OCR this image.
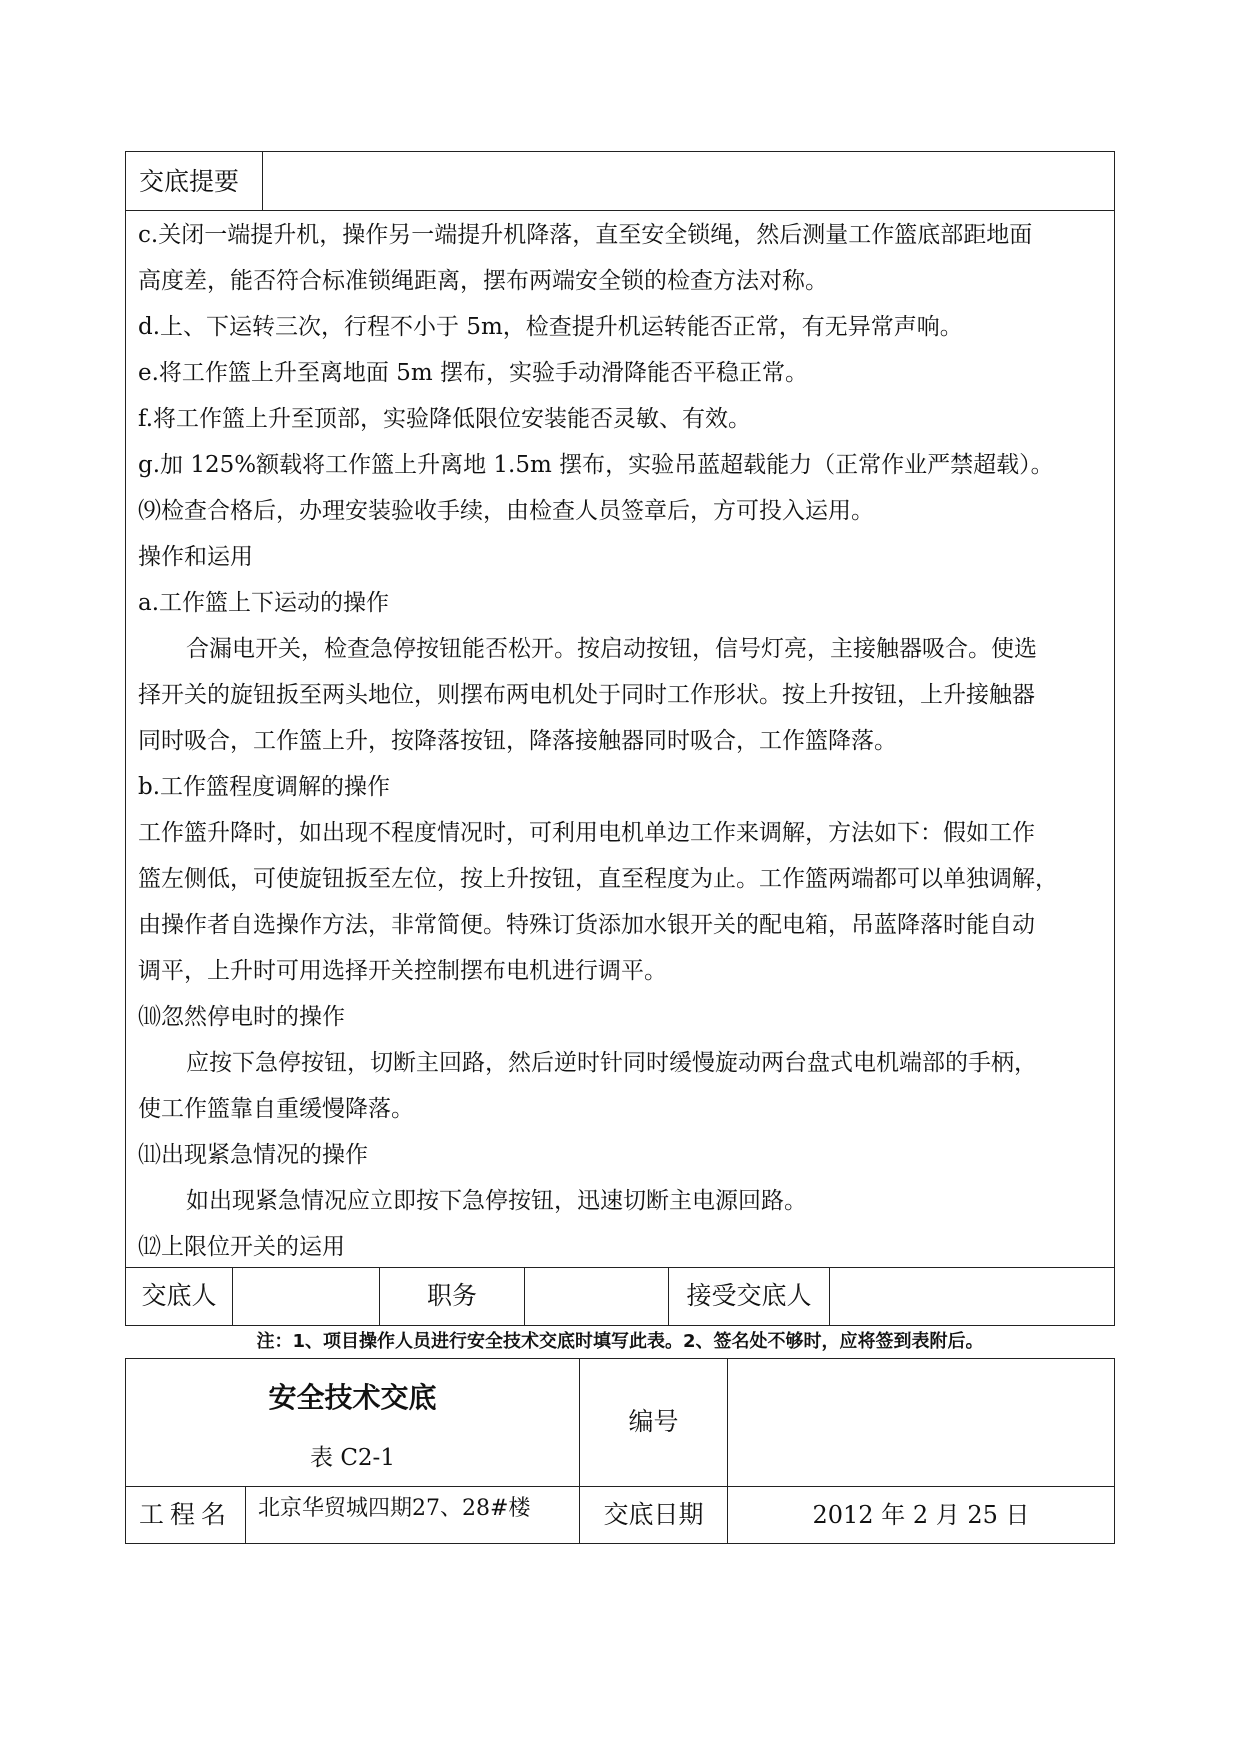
交底提要

c.关闭一端提升机，操作另一端提升机降落，直至安全锁绳，然后测量工作篮底部距地面

高度差，能否符合标准锁绳距离，摆布两端安全锁的检查方法对称。

d.上、下运转三次，行程不小于 5m，检查提升机运转能否正常，有无异常声响。

e.将工作篮上升至离地面 5m 摆布，实验手动滑降能否平稳正常。

f.将工作篮上升至顶部，实验降低限位安装能否灵敏、有效。

g.加 125%额载将工作篮上升离地 1.5m 摆布，实验吊蓝超载能力（正常作业严禁超载）。

⑼检查合格后，办理安装验收手续，由检查人员签章后，方可投入运用。

操作和运用

a.工作篮上下运动的操作

合漏电开关，检查急停按钮能否松开。按启动按钮，信号灯亮，主接触器吸合。使选

择开关的旋钮扳至两头地位，则摆布两电机处于同时工作形状。按上升按钮，上升接触器

同时吸合，工作篮上升，按降落按钮，降落接触器同时吸合，工作篮降落。

b.工作篮程度调解的操作

工作篮升降时，如出现不程度情况时，可利用电机单边工作来调解，方法如下：假如工作

篮左侧低，可使旋钮扳至左位，按上升按钮，直至程度为止。工作篮两端都可以单独调解，

由操作者自选操作方法，非常简便。特殊订货添加水银开关的配电箱，吊蓝降落时能自动

调平，上升时可用选择开关控制摆布电机进行调平。

⑽忽然停电时的操作

应按下急停按钮，切断主回路，然后逆时针同时缓慢旋动两台盘式电机端部的手柄，

使工作篮靠自重缓慢降落。

⑾出现紧急情况的操作

如出现紧急情况应立即按下急停按钮，迅速切断主电源回路。

⑿上限位开关的运用

交底人	职务	接受交底人
注：1、项目操作人员进行安全技术交底时填写此表。2、签名处不够时，应将签到表附后。
安全技术交底
表 C2-1
编号
工程名	北京华贸城四期27、28#楼	交底日期	2012 年 2 月 25 日
